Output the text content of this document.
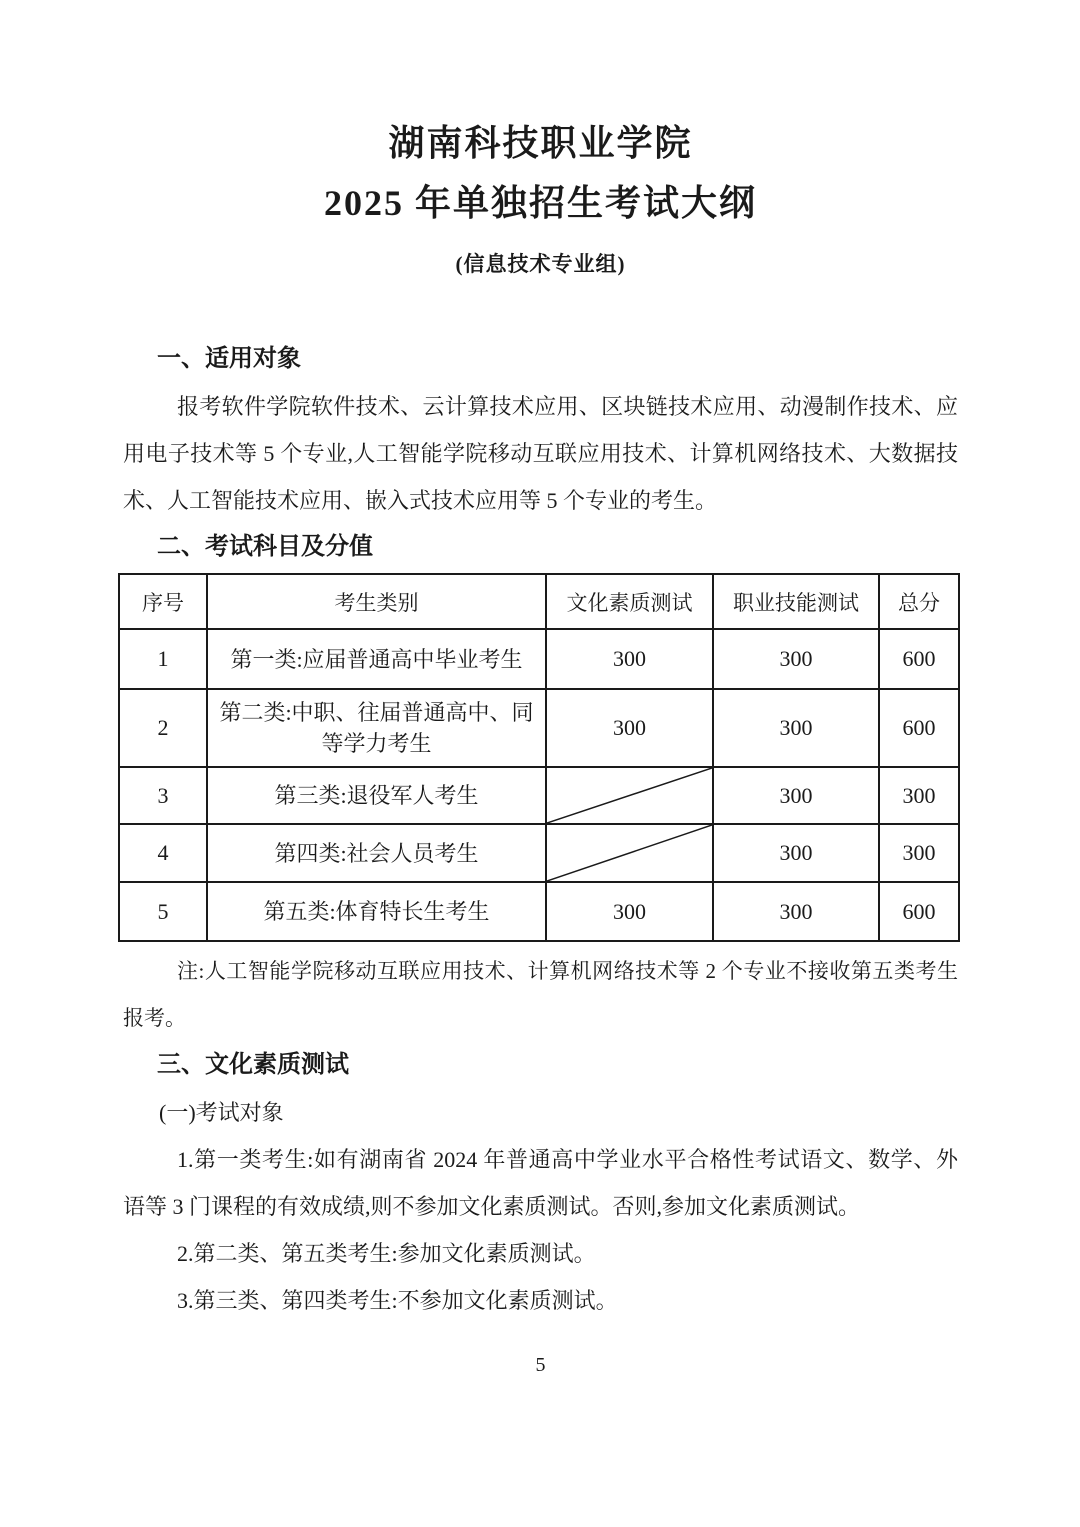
湖南科技职业学院
2025 年单独招生考试大纲
(信息技术专业组)
一、适用对象

报考软件学院软件技术、云计算技术应用、区块链技术应用、动漫制作技术、应用电子技术等 5 个专业,人工智能学院移动互联应用技术、计算机网络技术、大数据技术、人工智能技术应用、嵌入式技术应用等 5 个专业的考生。

二、考试科目及分值
序号	考生类别	文化素质测试	职业技能测试	总分
1	第一类:应届普通高中毕业考生	300	300	600
2	第二类:中职、往届普通高中、同等学力考生	300	300	600
3	第三类:退役军人考生		300	300
4	第四类:社会人员考生		300	300
5	第五类:体育特长生考生	300	300	600

注:人工智能学院移动互联应用技术、计算机网络技术等 2 个专业不接收第五类考生报考。

三、文化素质测试

(一)考试对象

1.第一类考生:如有湖南省 2024 年普通高中学业水平合格性考试语文、数学、外语等 3 门课程的有效成绩,则不参加文化素质测试。否则,参加文化素质测试。

2.第二类、第五类考生:参加文化素质测试。

3.第三类、第四类考生:不参加文化素质测试。

5
